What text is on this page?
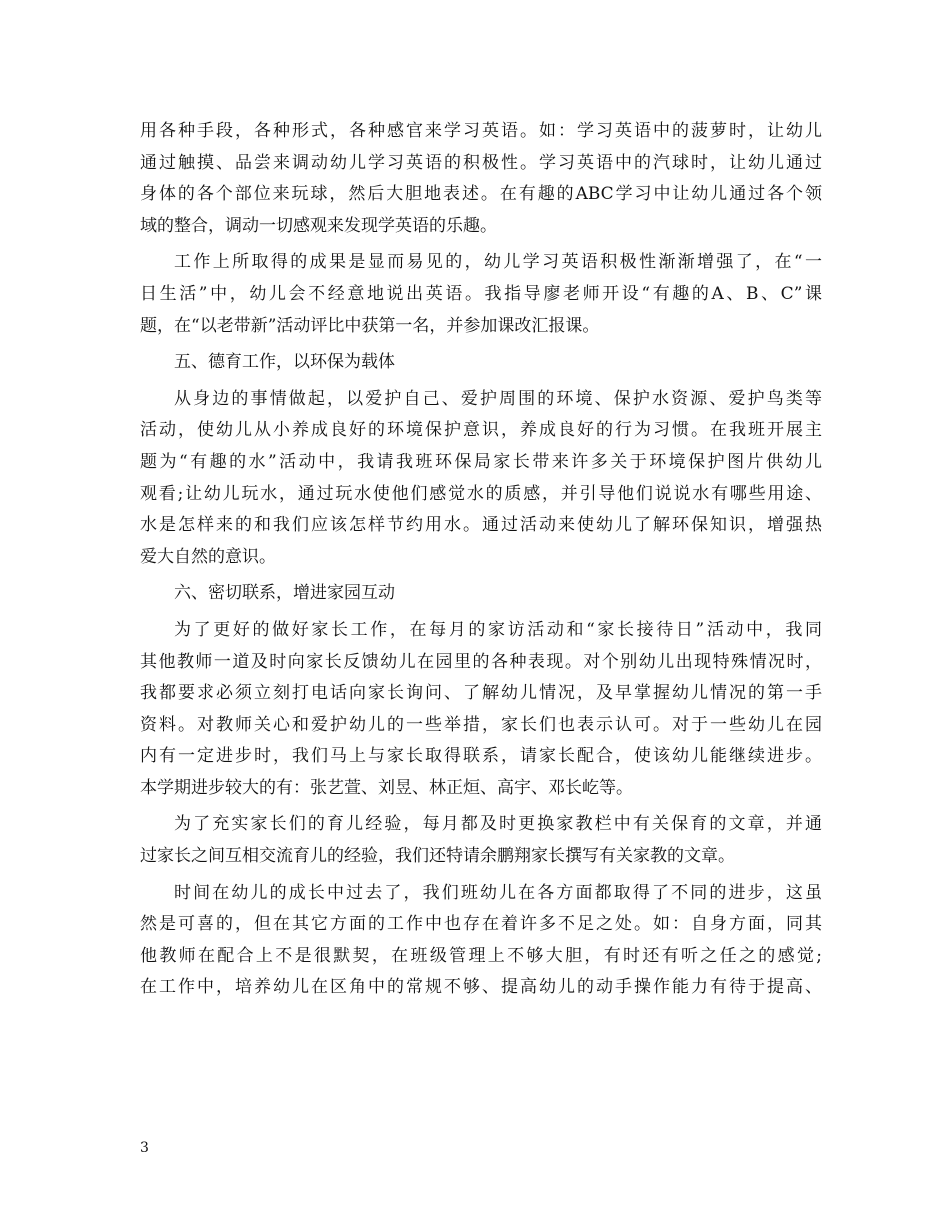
用各种手段，各种形式，各种感官来学习英语。如：学习英语中的菠萝时，让幼儿
通过触摸、品尝来调动幼儿学习英语的积极性。学习英语中的汽球时，让幼儿通过
身体的各个部位来玩球，然后大胆地表述。在有趣的ABC学习中让幼儿通过各个领
域的整合，调动一切感观来发现学英语的乐趣。
工作上所取得的成果是显而易见的，幼儿学习英语积极性渐渐增强了，在“一
日生活”中，幼儿会不经意地说出英语。我指导廖老师开设“有趣的A、B、C”课
题，在“以老带新”活动评比中获第一名，并参加课改汇报课。
五、德育工作，以环保为载体
从身边的事情做起，以爱护自己、爱护周围的环境、保护水资源、爱护鸟类等
活动，使幼儿从小养成良好的环境保护意识，养成良好的行为习惯。在我班开展主
题为“有趣的水”活动中，我请我班环保局家长带来许多关于环境保护图片供幼儿
观看;让幼儿玩水，通过玩水使他们感觉水的质感，并引导他们说说水有哪些用途、
水是怎样来的和我们应该怎样节约用水。通过活动来使幼儿了解环保知识，增强热
爱大自然的意识。
六、密切联系，增进家园互动
为了更好的做好家长工作，在每月的家访活动和“家长接待日”活动中，我同
其他教师一道及时向家长反馈幼儿在园里的各种表现。对个别幼儿出现特殊情况时，
我都要求必须立刻打电话向家长询问、了解幼儿情况，及早掌握幼儿情况的第一手
资料。对教师关心和爱护幼儿的一些举措，家长们也表示认可。对于一些幼儿在园
内有一定进步时，我们马上与家长取得联系，请家长配合，使该幼儿能继续进步。
本学期进步较大的有：张艺萱、刘昱、林正烜、高宇、邓长屹等。
为了充实家长们的育儿经验，每月都及时更换家教栏中有关保育的文章，并通
过家长之间互相交流育儿的经验，我们还特请余鹏翔家长撰写有关家教的文章。
时间在幼儿的成长中过去了，我们班幼儿在各方面都取得了不同的进步，这虽
然是可喜的，但在其它方面的工作中也存在着许多不足之处。如：自身方面，同其
他教师在配合上不是很默契，在班级管理上不够大胆，有时还有听之任之的感觉;
在工作中，培养幼儿在区角中的常规不够、提高幼儿的动手操作能力有待于提高、
3
